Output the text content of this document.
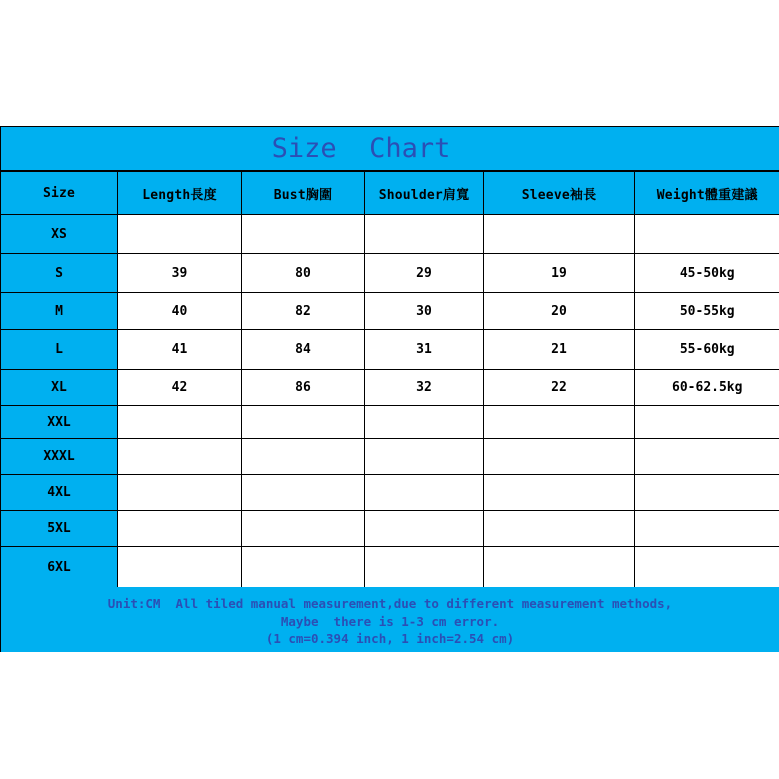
Size  Chart
Size	Length長度	Bust胸圍	Shoulder肩寬	Sleeve袖長	Weight體重建議
XS					
S	39	80	29	19	45-50kg
M	40	82	30	20	50-55kg
L	41	84	31	21	55-60kg
XL	42	86	32	22	60-62.5kg
XXL					
XXXL					
4XL					
5XL					
6XL					
Unit:CM  All tiled manual measurement,due to different measurement methods,
Maybe  there is 1-3 cm error.
(1 cm=0.394 inch, 1 inch=2.54 cm)
